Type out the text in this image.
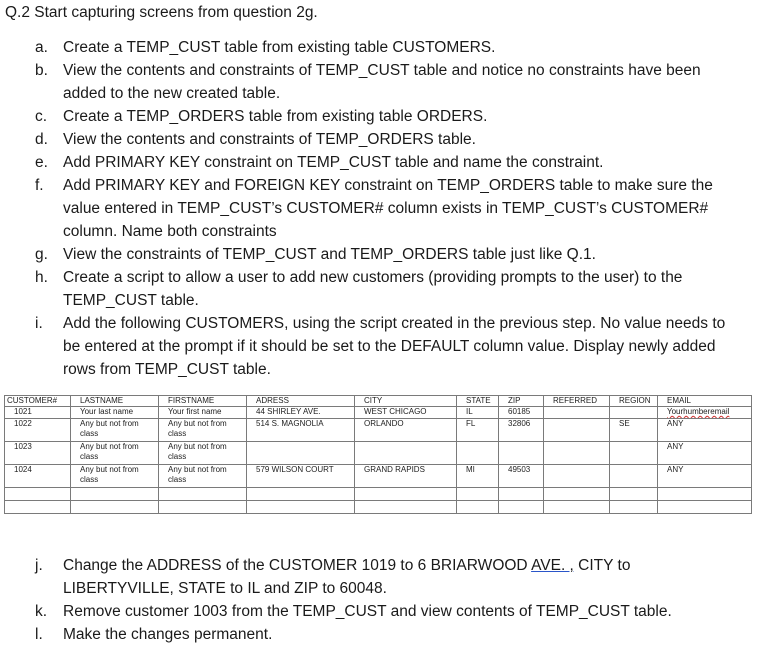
Q.2 Start capturing screens from question 2g.
a. Create a TEMP_CUST table from existing table CUSTOMERS.
b. View the contents and constraints of TEMP_CUST table and notice no constraints have been added to the new created table.
c. Create a TEMP_ORDERS table from existing table ORDERS.
d. View the contents and constraints of TEMP_ORDERS table.
e. Add PRIMARY KEY constraint on TEMP_CUST table and name the constraint.
f. Add PRIMARY KEY and FOREIGN KEY constraint on TEMP_ORDERS table to make sure the value entered in TEMP_CUST’s CUSTOMER# column exists in TEMP_CUST’s CUSTOMER# column. Name both constraints
g. View the constraints of TEMP_CUST and TEMP_ORDERS table just like Q.1.
h. Create a script to allow a user to add new customers (providing prompts to the user) to the TEMP_CUST table.
i. Add the following CUSTOMERS, using the script created in the previous step. No value needs to be entered at the prompt if it should be set to the DEFAULT column value. Display newly added rows from TEMP_CUST table.
CUSTOMER#	LASTNAME	FIRSTNAME	ADRESS	CITY	STATE	ZIP	REFERRED	REGION	EMAIL
1021	Your last name	Your first name	44 SHIRLEY AVE.	WEST CHICAGO	IL	60185			Yourhumberemail
1022	Any but not from class	Any but not from class	514 S. MAGNOLIA	ORLANDO	FL	32806		SE	ANY
1023	Any but not from class	Any but not from class							ANY
1024	Any but not from class	Any but not from class	579 WILSON COURT	GRAND RAPIDS	MI	49503			ANY

j. Change the ADDRESS of the CUSTOMER 1019 to 6 BRIARWOOD AVE. , CITY to LIBERTYVILLE, STATE to IL and ZIP to 60048.
k. Remove customer 1003 from the TEMP_CUST and view contents of TEMP_CUST table.
l. Make the changes permanent.
